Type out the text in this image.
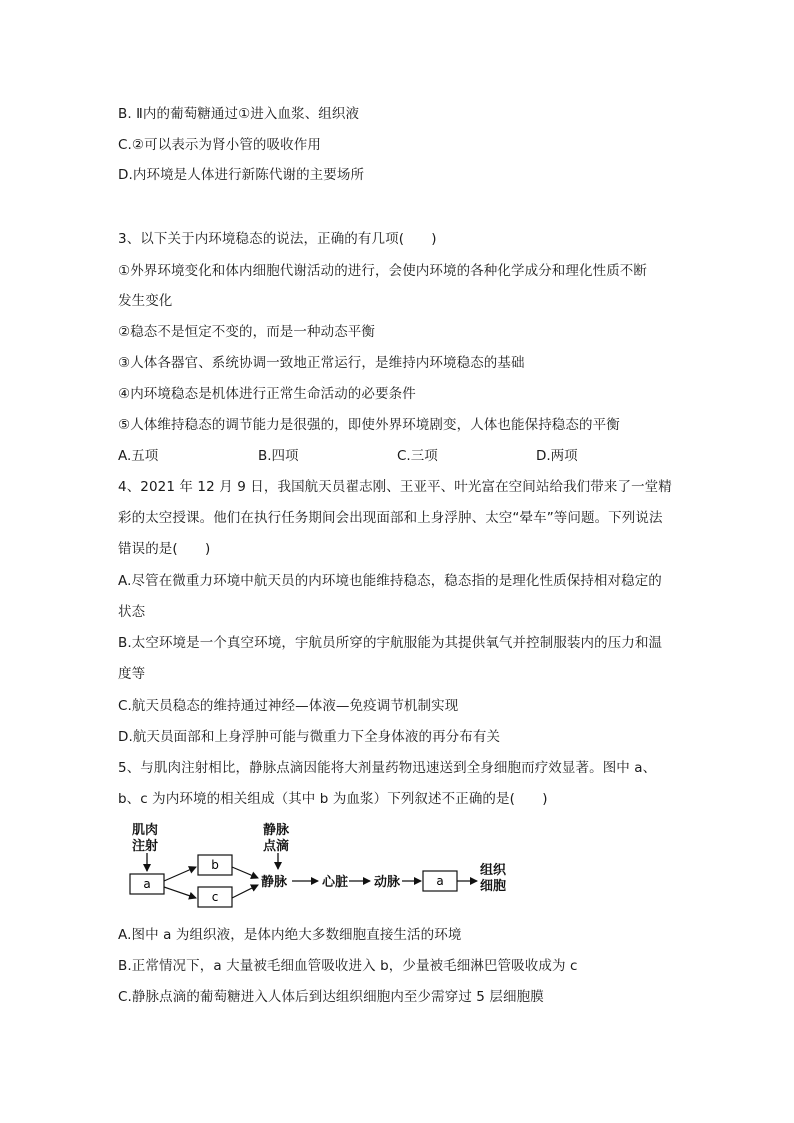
B. Ⅱ内的葡萄糖通过①进入血浆、组织液
C.②可以表示为肾小管的吸收作用
D.内环境是人体进行新陈代谢的主要场所
3、以下关于内环境稳态的说法，正确的有几项(　　)
①外界环境变化和体内细胞代谢活动的进行，会使内环境的各种化学成分和理化性质不断
发生变化
②稳态不是恒定不变的，而是一种动态平衡
③人体各器官、系统协调一致地正常运行，是维持内环境稳态的基础
④内环境稳态是机体进行正常生命活动的必要条件
⑤人体维持稳态的调节能力是很强的，即使外界环境剧变，人体也能保持稳态的平衡
A.五项	B.四项	C.三项	D.两项
4、2021 年 12 月 9 日，我国航天员翟志刚、王亚平、叶光富在空间站给我们带来了一堂精
彩的太空授课。他们在执行任务期间会出现面部和上身浮肿、太空“晕车”等问题。下列说法
错误的是(　　)
A.尽管在微重力环境中航天员的内环境也能维持稳态，稳态指的是理化性质保持相对稳定的
状态
B.太空环境是一个真空环境，宇航员所穿的宇航服能为其提供氧气并控制服装内的压力和温
度等
C.航天员稳态的维持通过神经—体液—免疫调节机制实现
D.航天员面部和上身浮肿可能与微重力下全身体液的再分布有关
5、与肌肉注射相比，静脉点滴因能将大剂量药物迅速送到全身细胞而疗效显著。图中 a、
b、c 为内环境的相关组成（其中 b 为血浆）下列叙述不正确的是(　　)
肌肉
注射
静脉
点滴
a
b
c
静脉	心脏 动脉
组织
细胞
a
A.图中 a 为组织液，是体内绝大多数细胞直接生活的环境
B.正常情况下，a 大量被毛细血管吸收进入 b，少量被毛细淋巴管吸收成为 c
C.静脉点滴的葡萄糖进入人体后到达组织细胞内至少需穿过 5 层细胞膜
